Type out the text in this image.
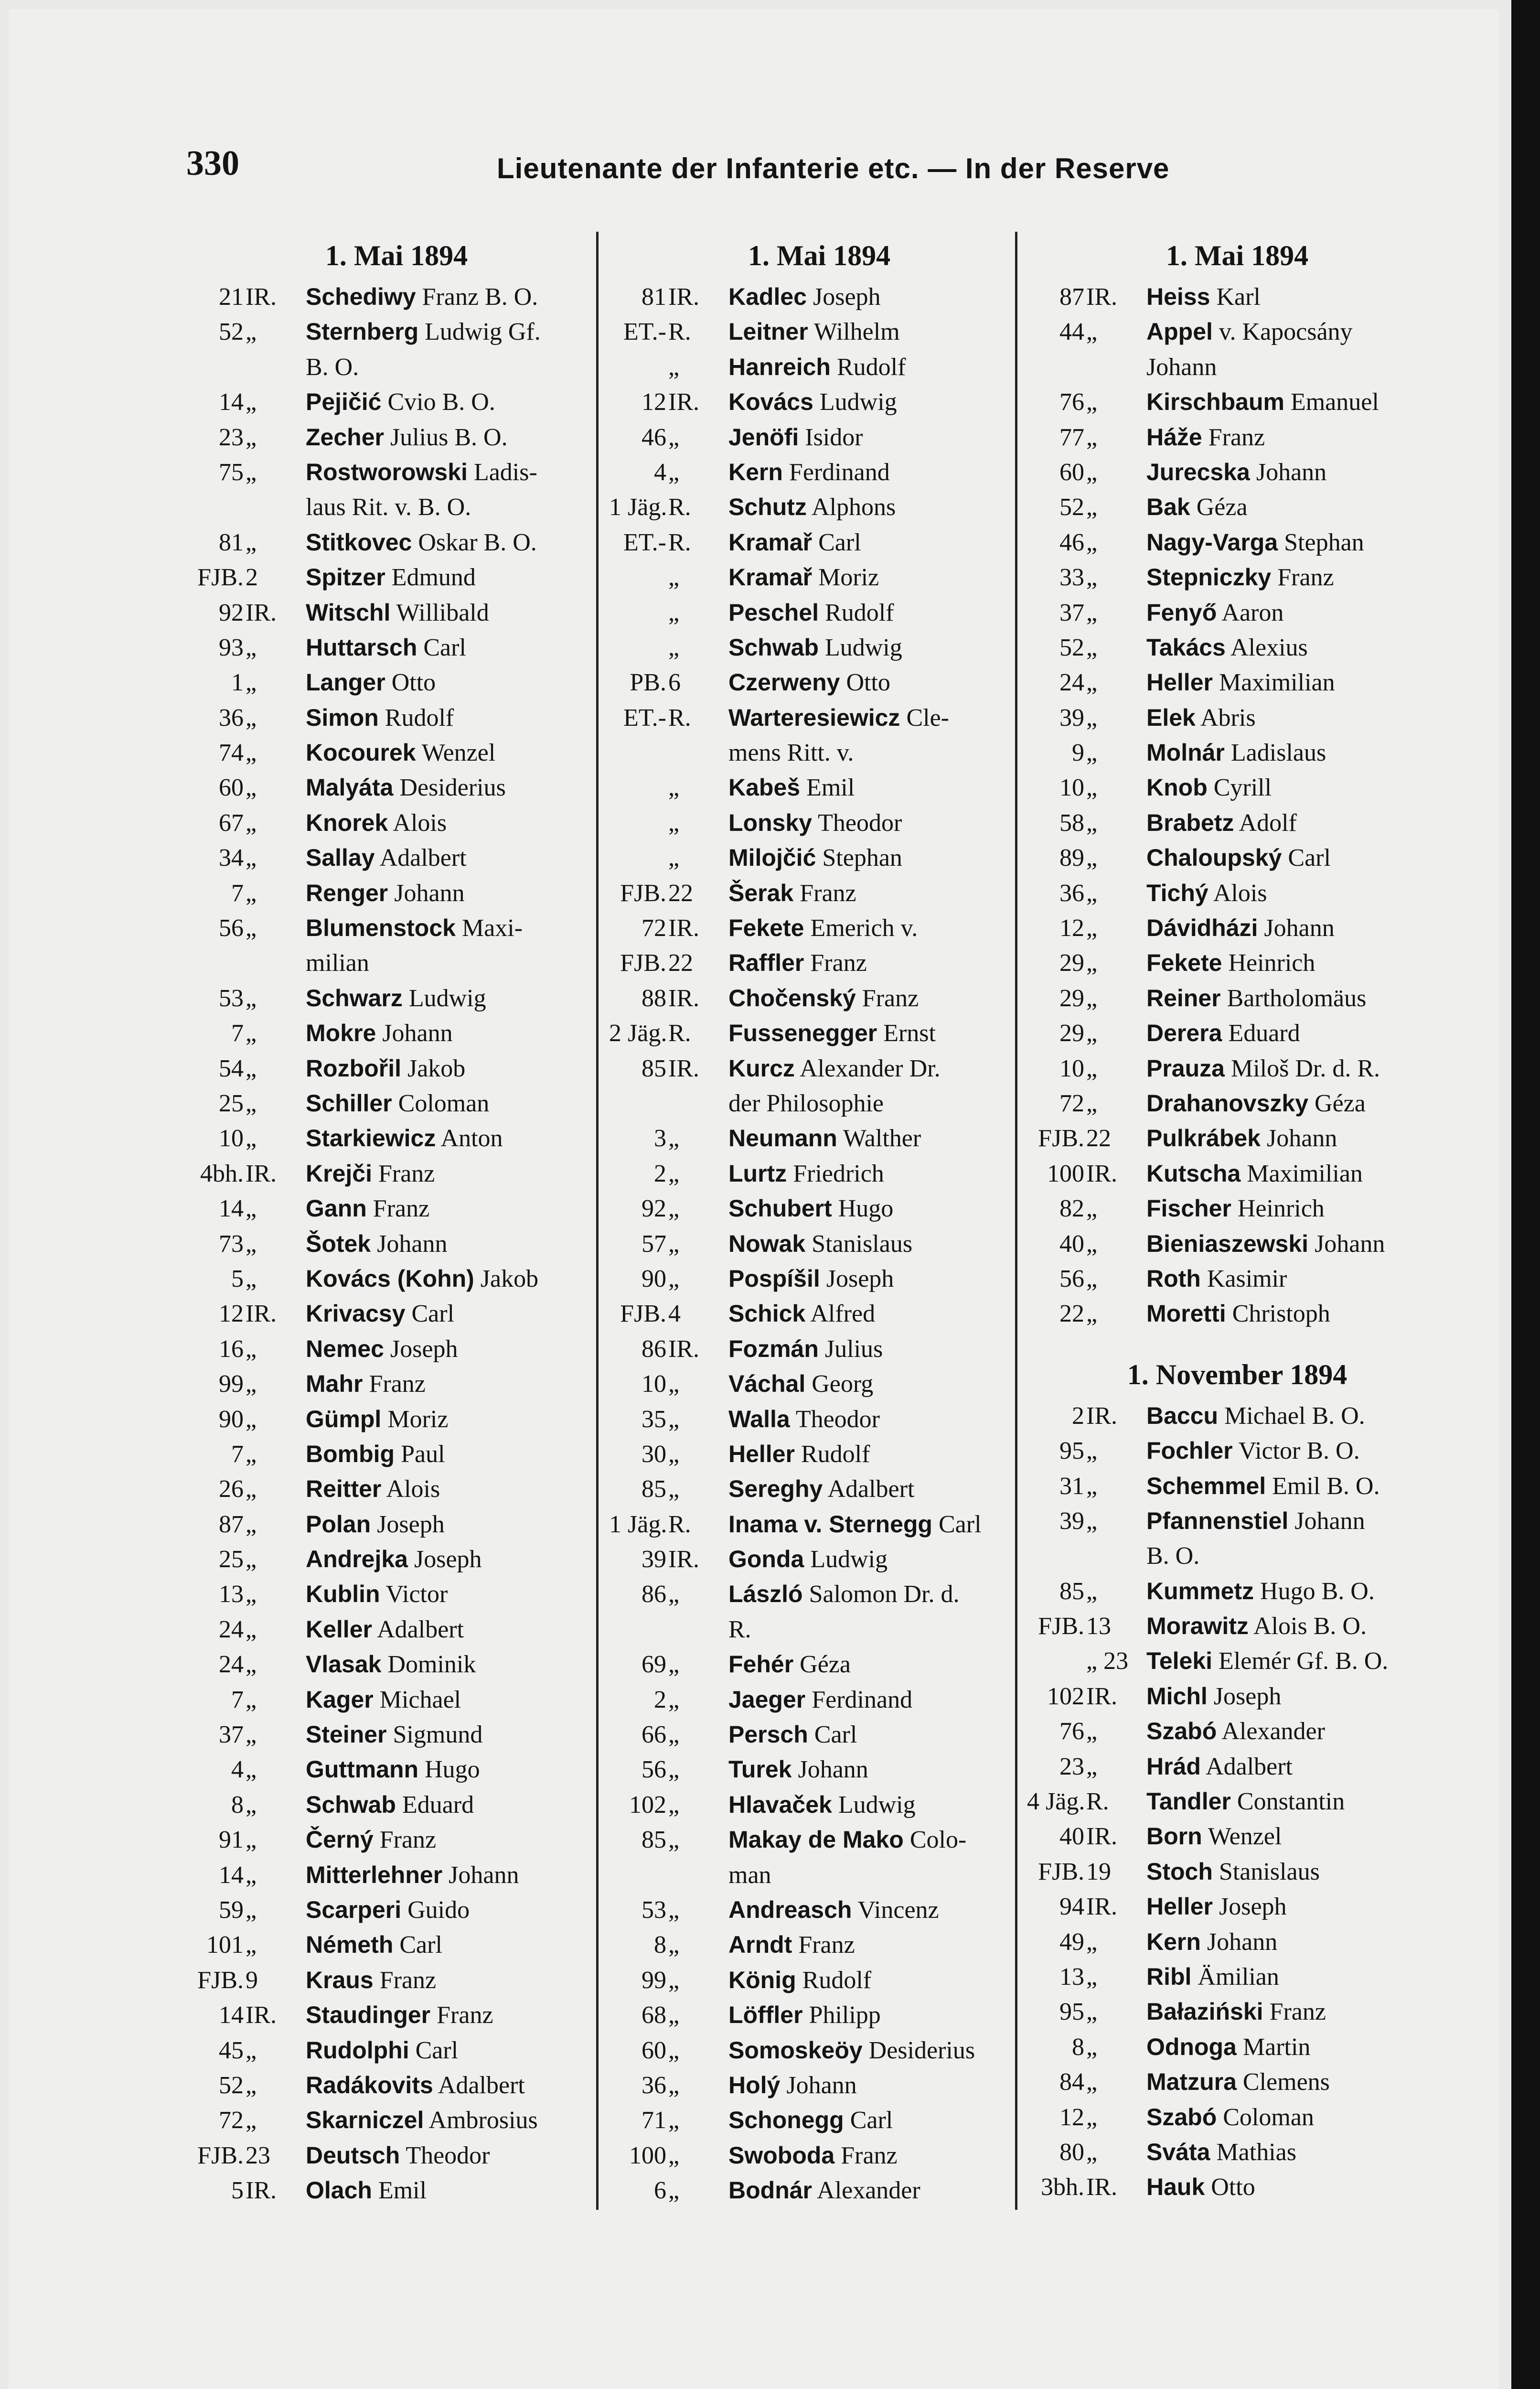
330	Lieutenante der Infanterie etc. — In der Reserve
1. Mai 1894
21IR.	Schediwy Franz B. O.
52„	Sternberg Ludwig Gf.
B. O.
14„	Pejičić Cvio B. O.
23„	Zecher Julius B. O.
75„	Rostworowski Ladis-
laus Rit. v. B. O.
81„	Stitkovec Oskar B. O.
FJB.2	Spitzer Edmund
92IR.	Witschl Willibald
93„	Huttarsch Carl
1„	Langer Otto
36„	Simon Rudolf
74„	Kocourek Wenzel
60„	Malyáta Desiderius
67„	Knorek Alois
34„	Sallay Adalbert
7„	Renger Johann
56„	Blumenstock Maxi-
milian
53„	Schwarz Ludwig
7„	Mokre Johann
54„	Rozbořil Jakob
25„	Schiller Coloman
10„	Starkiewicz Anton
4bh.IR.	Krejči Franz
14„	Gann Franz
73„	Šotek Johann
5„	Kovács (Kohn) Jakob
12IR.	Krivacsy Carl
16„	Nemec Joseph
99„	Mahr Franz
90„	Gümpl Moriz
7„	Bombig Paul
26„	Reitter Alois
87„	Polan Joseph
25„	Andrejka Joseph
13„	Kublin Victor
24„	Keller Adalbert
24„	Vlasak Dominik
7„	Kager Michael
37„	Steiner Sigmund
4„	Guttmann Hugo
8„	Schwab Eduard
91„	Černý Franz
14„	Mitterlehner Johann
59„	Scarperi Guido
101„	Németh Carl
FJB.9	Kraus Franz
14IR.	Staudinger Franz
45„	Rudolphi Carl
52„	Radákovits Adalbert
72„	Skarniczel Ambrosius
FJB.23	Deutsch Theodor
5IR.	Olach Emil
1. Mai 1894
81IR.	Kadlec Joseph
ET.-R.	Leitner Wilhelm
„	Hanreich Rudolf
12IR.	Kovács Ludwig
46„	Jenöfi Isidor
4„	Kern Ferdinand
1 Jäg.R.	Schutz Alphons
ET.-R.	Kramař Carl
„	Kramař Moriz
„	Peschel Rudolf
„	Schwab Ludwig
PB.6	Czerweny Otto
ET.-R.	Warteresiewicz Cle-
mens Ritt. v.
„	Kabeš Emil
„	Lonsky Theodor
„	Milojčić Stephan
FJB.22	Šerak Franz
72IR.	Fekete Emerich v.
FJB.22	Raffler Franz
88IR.	Chočenský Franz
2 Jäg.R.	Fussenegger Ernst
85IR.	Kurcz Alexander Dr.
der Philosophie
3„	Neumann Walther
2„	Lurtz Friedrich
92„	Schubert Hugo
57„	Nowak Stanislaus
90„	Pospíšil Joseph
FJB.4	Schick Alfred
86IR.	Fozmán Julius
10„	Váchal Georg
35„	Walla Theodor
30„	Heller Rudolf
85„	Sereghy Adalbert
1 Jäg.R.	Inama v. Sternegg Carl
39IR.	Gonda Ludwig
86„	László Salomon Dr. d.
R.
69„	Fehér Géza
2„	Jaeger Ferdinand
66„	Persch Carl
56„	Turek Johann
102„	Hlavaček Ludwig
85„	Makay de Mako Colo-
man
53„	Andreasch Vincenz
8„	Arndt Franz
99„	König Rudolf
68„	Löffler Philipp
60„	Somoskeöy Desiderius
36„	Holý Johann
71„	Schonegg Carl
100„	Swoboda Franz
6„	Bodnár Alexander
1. Mai 1894
87IR.	Heiss Karl
44„	Appel v. Kapocsány
Johann
76„	Kirschbaum Emanuel
77„	Háže Franz
60„	Jurecska Johann
52„	Bak Géza
46„	Nagy-Varga Stephan
33„	Stepniczky Franz
37„	Fenyő Aaron
52„	Takács Alexius
24„	Heller Maximilian
39„	Elek Abris
9„	Molnár Ladislaus
10„	Knob Cyrill
58„	Brabetz Adolf
89„	Chaloupský Carl
36„	Tichý Alois
12„	Dávidházi Johann
29„	Fekete Heinrich
29„	Reiner Bartholomäus
29„	Derera Eduard
10„	Prauza Miloš Dr. d. R.
72„	Drahanovszky Géza
FJB.22	Pulkrábek Johann
100IR.	Kutscha Maximilian
82„	Fischer Heinrich
40„	Bieniaszewski Johann
56„	Roth Kasimir
22„	Moretti Christoph
1. November 1894
2IR.	Baccu Michael B. O.
95„	Fochler Victor B. O.
31„	Schemmel Emil B. O.
39„	Pfannenstiel Johann
B. O.
85„	Kummetz Hugo B. O.
FJB.13	Morawitz Alois B. O.
„ 23 Teleki Elemér Gf. B. O.
102IR.	Michl Joseph
76„	Szabó Alexander
23„	Hrád Adalbert
4 Jäg.R.	Tandler Constantin
40IR.	Born Wenzel
FJB.19	Stoch Stanislaus
94IR.	Heller Joseph
49„	Kern Johann
13„	Ribl Ämilian
95„	Bałaziński Franz
8„	Odnoga Martin
84„	Matzura Clemens
12„	Szabó Coloman
80„	Sváta Mathias
3bh.IR.	Hauk Otto
